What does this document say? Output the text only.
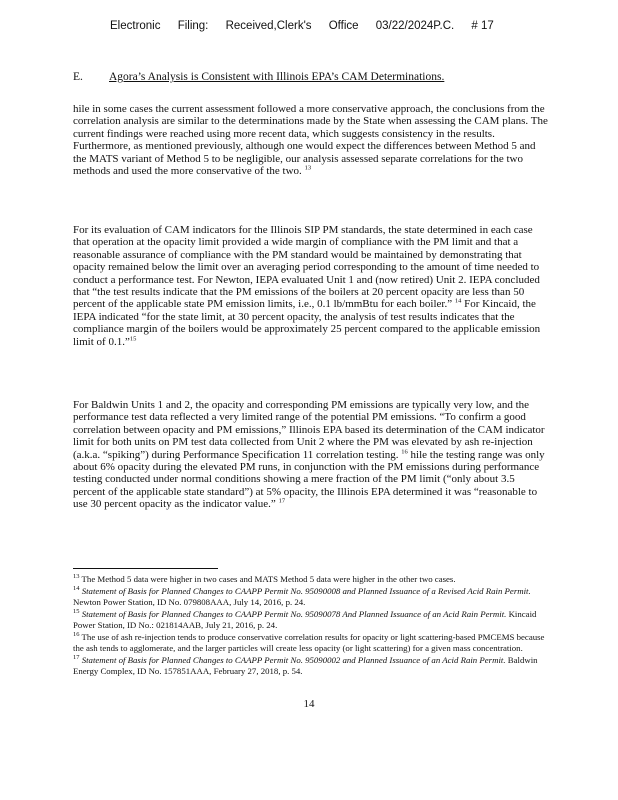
Electronic Filing: Received,Clerk's Office 03/22/2024P.C. # 17
E. Agora’s Analysis is Consistent with Illinois EPA’s CAM Determinations.
hile in some cases the current assessment followed a more conservative approach, the conclusions from the correlation analysis are similar to the determinations made by the State when assessing the CAM plans. The current findings were reached using more recent data, which suggests consistency in the results. Furthermore, as mentioned previously, although one would expect the differences between Method 5 and the MATS variant of Method 5 to be negligible, our analysis assessed separate correlations for the two methods and used the more conservative of the two. $^{13}$
For its evaluation of CAM indicators for the Illinois SIP PM standards, the state determined in each case that operation at the opacity limit provided a wide margin of compliance with the PM limit and that a reasonable assurance of compliance with the PM standard would be maintained by demonstrating that opacity remained below the limit over an averaging period corresponding to the amount of time needed to conduct a performance test. For Newton, IEPA evaluated Unit 1 and (now retired) Unit 2. IEPA concluded that “the test results indicate that the PM emissions of the boilers at 20 percent opacity are less than 50 percent of the applicable state PM emission limits, i.e., 0.1 lb/mmBtu for each boiler.” $^{14}$ For Kincaid, the IEPA indicated “for the state limit, at 30 percent opacity, the analysis of test results indicates that the compliance margin of the boilers would be approximately 25 percent compared to the applicable emission limit of 0.1.”$^{15}$
For Baldwin Units 1 and 2, the opacity and corresponding PM emissions are typically very low, and the performance test data reflected a very limited range of the potential PM emissions. “To confirm a good correlation between opacity and PM emissions,” Illinois EPA based its determination of the CAM indicator limit for both units on PM test data collected from Unit 2 where the PM was elevated by ash re-injection (a.k.a. “spiking”) during Performance Specification 11 correlation testing. $^{16}$ hile the testing range was only about 6% opacity during the elevated PM runs, in conjunction with the PM emissions during performance testing conducted under normal conditions showing a mere fraction of the PM limit (“only about 3.5 percent of the applicable state standard”) at 5% opacity, the Illinois EPA determined it was “reasonable to use 30 percent opacity as the indicator value.” $^{17}$
$^{13}$ The Method 5 data were higher in two cases and MATS Method 5 data were higher in the other two cases.
$^{14}$ Statement of Basis for Planned Changes to CAAPP Permit No. 95090008 and Planned Issuance of a Revised Acid Rain Permit. Newton Power Station, ID No. 079808AAA, July 14, 2016, p. 24.
$^{15}$ Statement of Basis for Planned Changes to CAAPP Permit No. 95090078 And Planned Issuance of an Acid Rain Permit. Kincaid Power Station, ID No.: 021814AAB, July 21, 2016, p. 24.
$^{16}$ The use of ash re-injection tends to produce conservative correlation results for opacity or light scattering-based PMCEMS because the ash tends to agglomerate, and the larger particles will create less opacity (or light scattering) for a given mass concentration.
$^{17}$ Statement of Basis for Planned Changes to CAAPP Permit No. 95090002 and Planned Issuance of an Acid Rain Permit. Baldwin Energy Complex, ID No. 157851AAA, February 27, 2018, p. 54.
14
